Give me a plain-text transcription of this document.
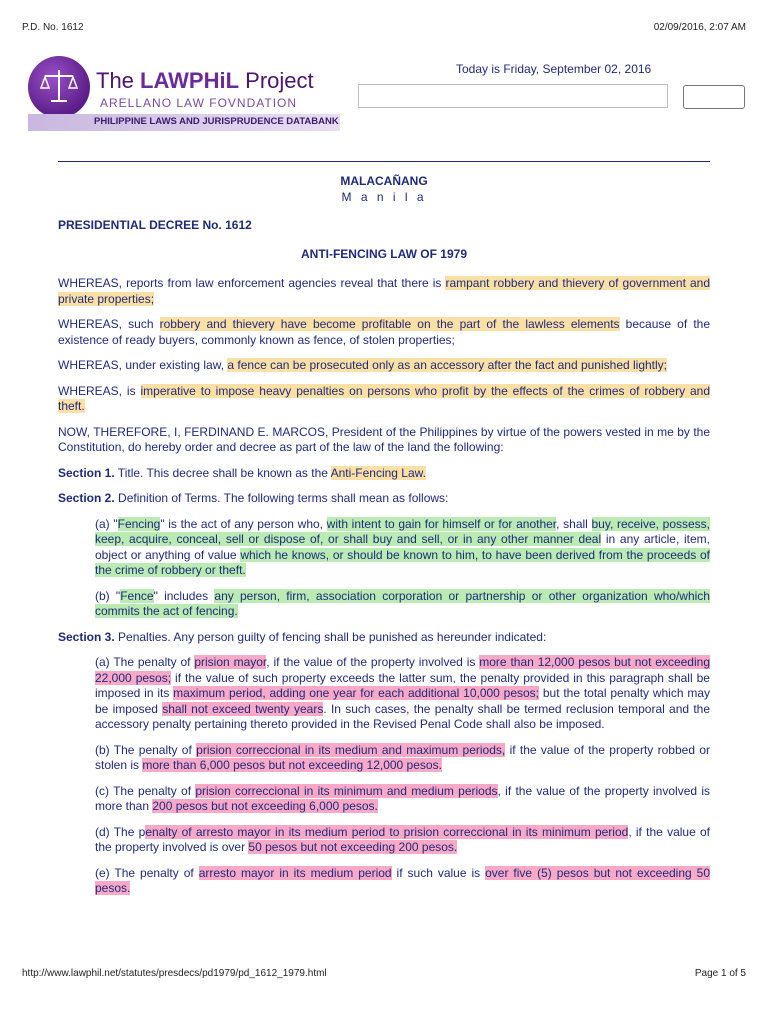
P.D. No. 1612	02/09/2016, 2:07 AM
The LAWPHiL Project
ARELLANO LAW FOVNDATION
PHILIPPINE LAWS AND JURISPRUDENCE DATABANK
Today is Friday, September 02, 2016
MALACAÑANG
M a n i l a
PRESIDENTIAL DECREE No. 1612
ANTI-FENCING LAW OF 1979

WHEREAS, reports from law enforcement agencies reveal that there is rampant robbery and thievery of government and private properties;

WHEREAS, such robbery and thievery have become profitable on the part of the lawless elements because of the existence of ready buyers, commonly known as fence, of stolen properties;

WHEREAS, under existing law, a fence can be prosecuted only as an accessory after the fact and punished lightly;

WHEREAS, is imperative to impose heavy penalties on persons who profit by the effects of the crimes of robbery and theft.

NOW, THEREFORE, I, FERDINAND E. MARCOS, President of the Philippines by virtue of the powers vested in me by the Constitution, do hereby order and decree as part of the law of the land the following:

Section 1. Title. This decree shall be known as the Anti-Fencing Law.

Section 2. Definition of Terms. The following terms shall mean as follows:

(a) "Fencing" is the act of any person who, with intent to gain for himself or for another, shall buy, receive, possess, keep, acquire, conceal, sell or dispose of, or shall buy and sell, or in any other manner deal in any article, item, object or anything of value which he knows, or should be known to him, to have been derived from the proceeds of the crime of robbery or theft.

(b) "Fence" includes any person, firm, association corporation or partnership or other organization who/which commits the act of fencing.

Section 3. Penalties. Any person guilty of fencing shall be punished as hereunder indicated:

(a) The penalty of prision mayor, if the value of the property involved is more than 12,000 pesos but not exceeding 22,000 pesos; if the value of such property exceeds the latter sum, the penalty provided in this paragraph shall be imposed in its maximum period, adding one year for each additional 10,000 pesos; but the total penalty which may be imposed shall not exceed twenty years. In such cases, the penalty shall be termed reclusion temporal and the accessory penalty pertaining thereto provided in the Revised Penal Code shall also be imposed.

(b) The penalty of prision correccional in its medium and maximum periods, if the value of the property robbed or stolen is more than 6,000 pesos but not exceeding 12,000 pesos.

(c) The penalty of prision correccional in its minimum and medium periods, if the value of the property involved is more than 200 pesos but not exceeding 6,000 pesos.

(d) The penalty of arresto mayor in its medium period to prision correccional in its minimum period, if the value of the property involved is over 50 pesos but not exceeding 200 pesos.

(e) The penalty of arresto mayor in its medium period if such value is over five (5) pesos but not exceeding 50 pesos.

http://www.lawphil.net/statutes/presdecs/pd1979/pd_1612_1979.html	Page 1 of 5
